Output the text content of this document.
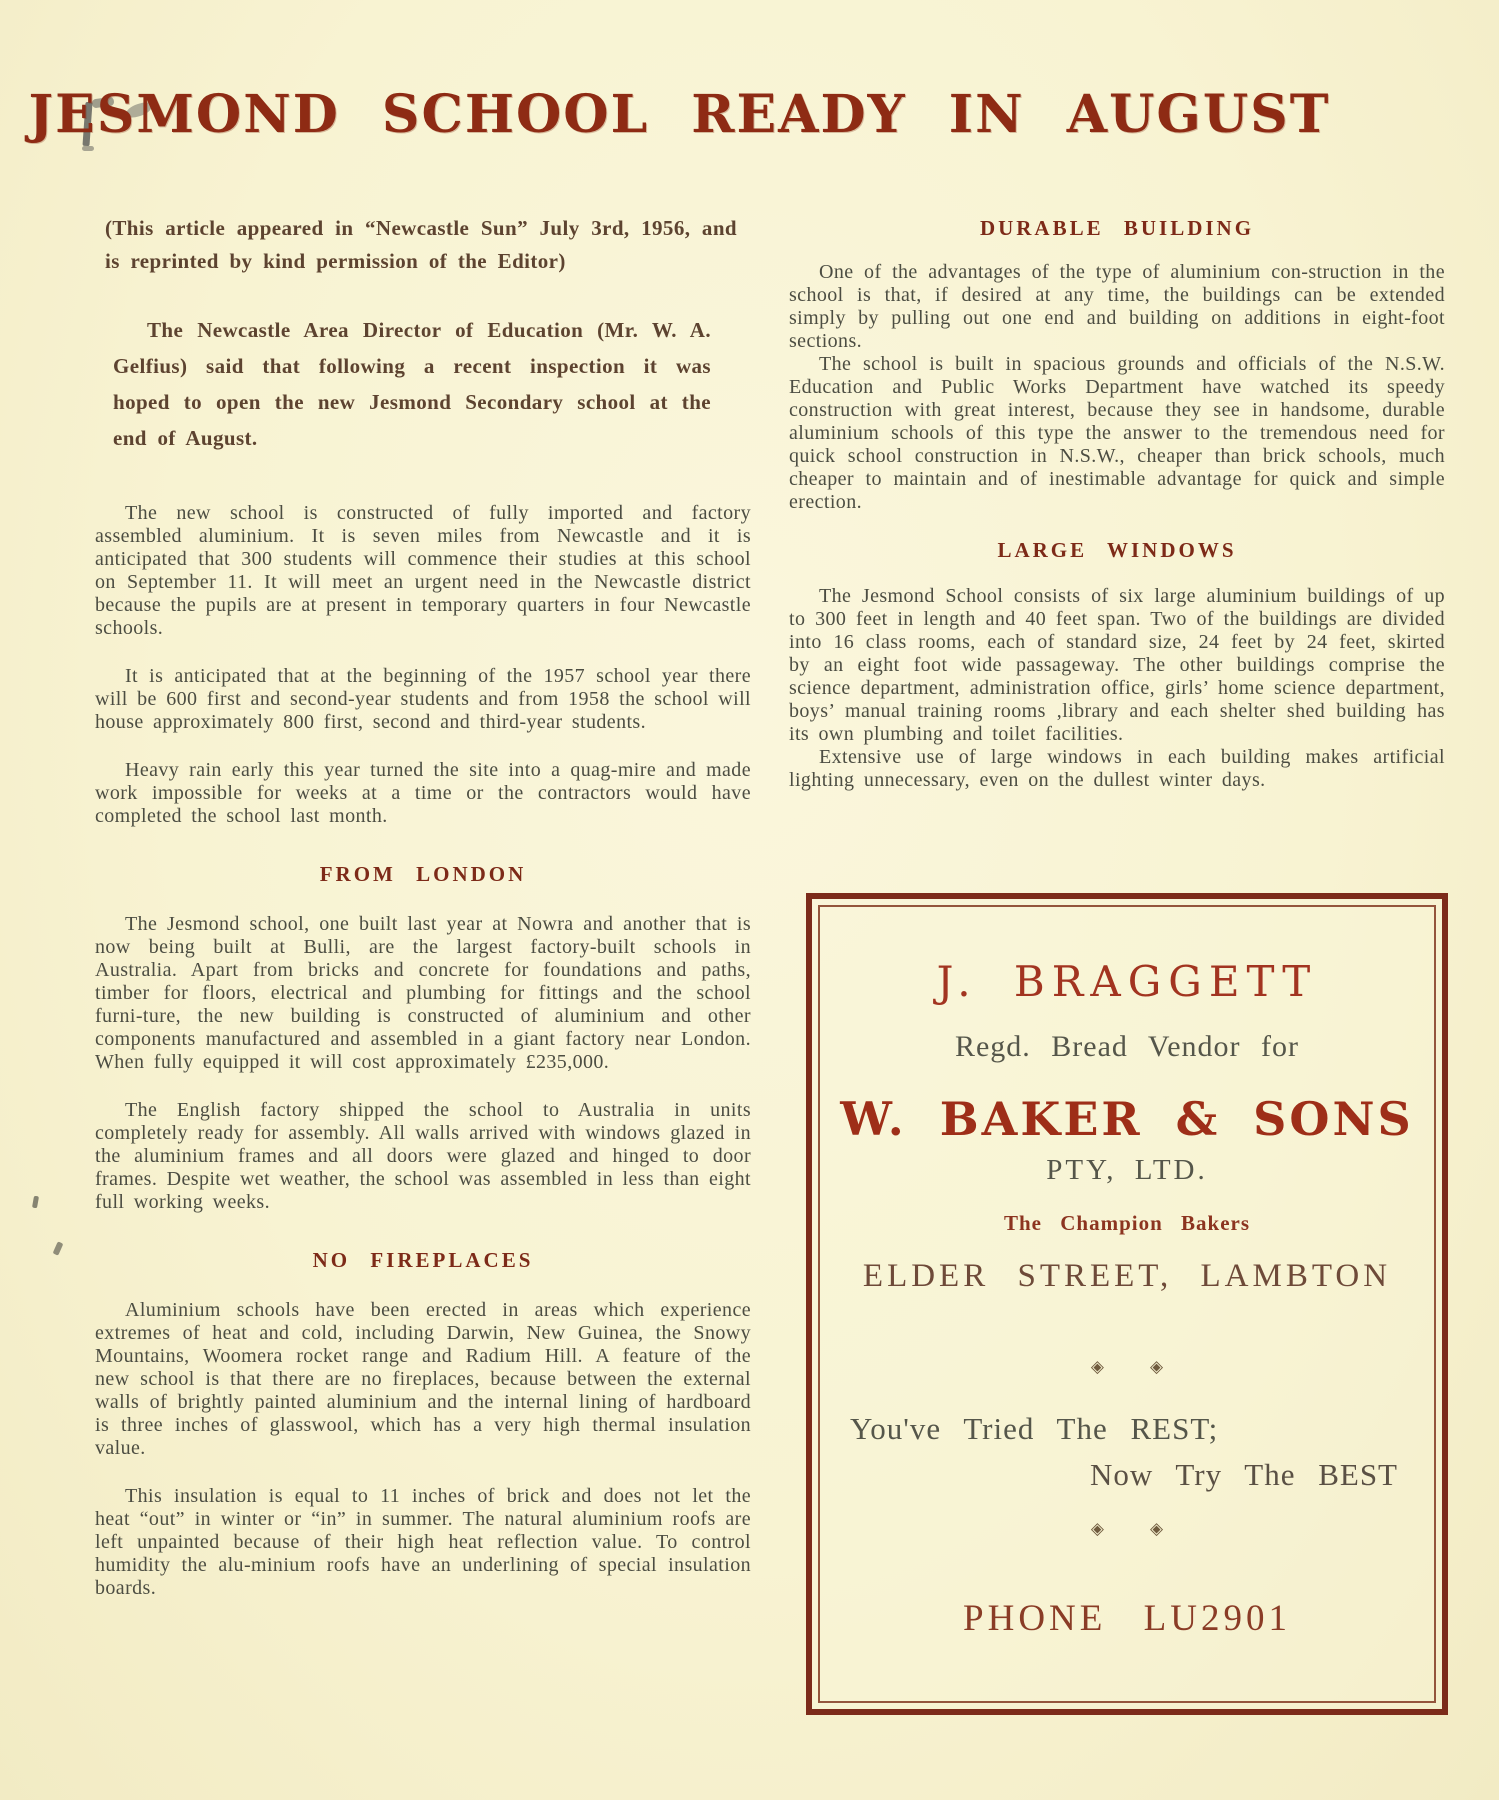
JESMOND SCHOOL READY IN AUGUST

(This article appeared in “Newcastle Sun” July 3rd, 1956, and is reprinted by kind permission of the Editor)

The Newcastle Area Director of Education (Mr. W. A. Gelfius) said that following a recent inspection it was hoped to open the new Jesmond Secondary school at the end of August.

The new school is constructed of fully imported and factory assembled aluminium. It is seven miles from Newcastle and it is anticipated that 300 students will commence their studies at this school on September 11. It will meet an urgent need in the Newcastle district because the pupils are at present in temporary quarters in four Newcastle schools.

It is anticipated that at the beginning of the 1957 school year there will be 600 first and second-year students and from 1958 the school will house approximately 800 first, second and third-year students.

Heavy rain early this year turned the site into a quag-mire and made work impossible for weeks at a time or the contractors would have completed the school last month.

FROM LONDON

The Jesmond school, one built last year at Nowra and another that is now being built at Bulli, are the largest factory-built schools in Australia. Apart from bricks and concrete for foundations and paths, timber for floors, electrical and plumbing for fittings and the school furni-ture, the new building is constructed of aluminium and other components manufactured and assembled in a giant factory near London. When fully equipped it will cost approximately £235,000.

The English factory shipped the school to Australia in units completely ready for assembly. All walls arrived with windows glazed in the aluminium frames and all doors were glazed and hinged to door frames. Despite wet weather, the school was assembled in less than eight full working weeks.

NO FIREPLACES

Aluminium schools have been erected in areas which experience extremes of heat and cold, including Darwin, New Guinea, the Snowy Mountains, Woomera rocket range and Radium Hill. A feature of the new school is that there are no fireplaces, because between the external walls of brightly painted aluminium and the internal lining of hardboard is three inches of glasswool, which has a very high thermal insulation value.

This insulation is equal to 11 inches of brick and does not let the heat “out” in winter or “in” in summer. The natural aluminium roofs are left unpainted because of their high heat reflection value. To control humidity the alu-minium roofs have an underlining of special insulation boards.

DURABLE BUILDING

One of the advantages of the type of aluminium con-struction in the school is that, if desired at any time, the buildings can be extended simply by pulling out one end and building on additions in eight-foot sections.

The school is built in spacious grounds and officials of the N.S.W. Education and Public Works Department have watched its speedy construction with great interest, because they see in handsome, durable aluminium schools of this type the answer to the tremendous need for quick school construction in N.S.W., cheaper than brick schools, much cheaper to maintain and of inestimable advantage for quick and simple erection.

LARGE WINDOWS

The Jesmond School consists of six large aluminium buildings of up to 300 feet in length and 40 feet span. Two of the buildings are divided into 16 class rooms, each of standard size, 24 feet by 24 feet, skirted by an eight foot wide passageway. The other buildings comprise the science department, administration office, girls’ home science department, boys’ manual training rooms ,library and each shelter shed building has its own plumbing and toilet facilities.

Extensive use of large windows in each building makes artificial lighting unnecessary, even on the dullest winter days.

J. BRAGGETT

Regd. Bread Vendor for

W. BAKER & SONS

PTY, LTD.

The Champion Bakers

ELDER STREET, LAMBTON

◈	◈

You've Tried The REST;

Now Try The BEST

◈	◈

PHONE LU2901
